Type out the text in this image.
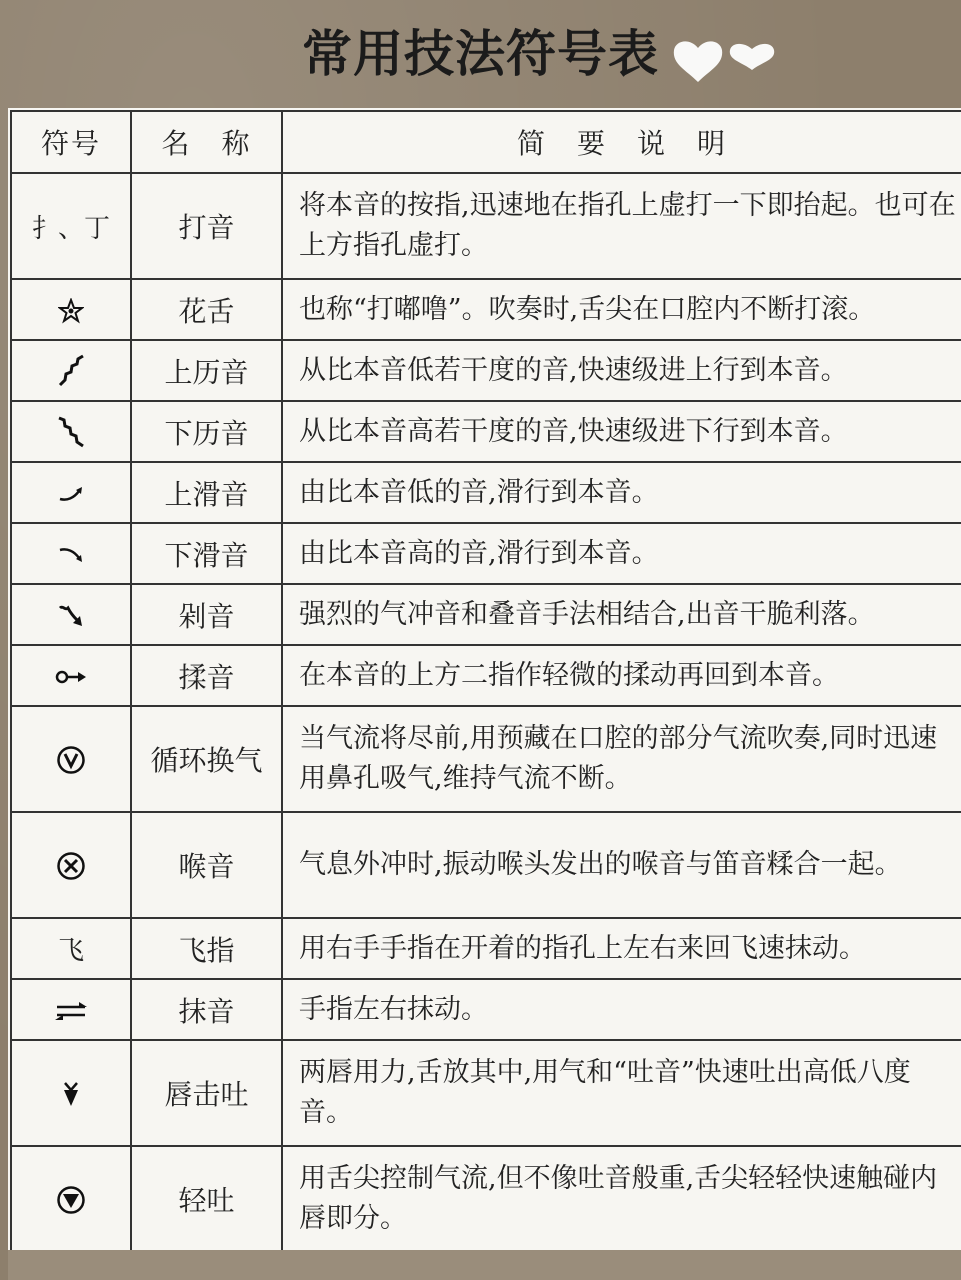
常用技法符号表
符号	名　称	简　要　说　明
扌、丁	打音	将本音的按指,迅速地在指孔上虚打一下即抬起。也可在上方指孔虚打。

	花舌	也称“打嘟噜”。吹奏时,舌尖在口腔内不断打滚。

	上历音	从比本音低若干度的音,快速级进上行到本音。

	下历音	从比本音高若干度的音,快速级进下行到本音。

	上滑音	由比本音低的音,滑行到本音。

	下滑音	由比本音高的音,滑行到本音。

	剁音	强烈的气冲音和叠音手法相结合,出音干脆利落。

	揉音	在本音的上方二指作轻微的揉动再回到本音。

	循环换气	当气流将尽前,用预藏在口腔的部分气流吹奏,同时迅速用鼻孔吸气,维持气流不断。

	喉音	气息外冲时,振动喉头发出的喉音与笛音糅合一起。
飞	飞指	用右手手指在开着的指孔上左右来回飞速抹动。

	抹音	手指左右抹动。

	唇击吐	两唇用力,舌放其中,用气和“吐音”快速吐出高低八度音。

	轻吐	用舌尖控制气流,但不像吐音般重,舌尖轻轻快速触碰内唇即分。
